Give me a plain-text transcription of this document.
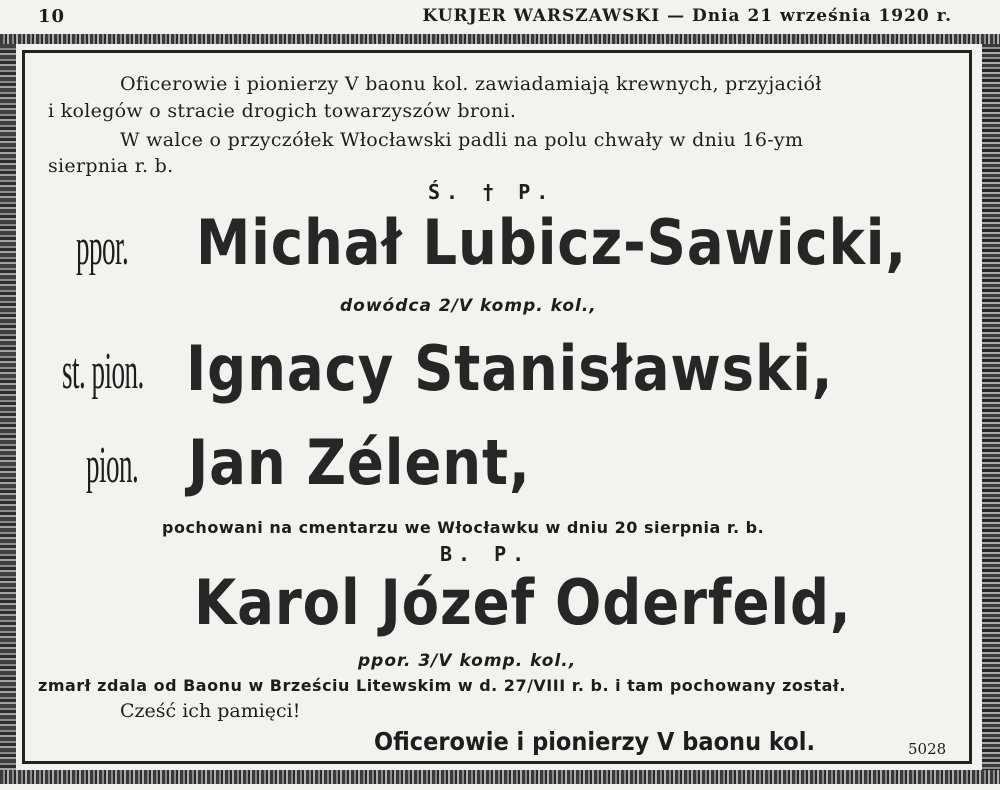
10	KURJER WARSZAWSKI — Dnia 21 września 1920 r.
Oficerowie i pionierzy V baonu kol. zawiadamiają krewnych, przyjaciół
i kolegów o stracie drogich towarzyszów broni.
W walce o przyczółek Włocławski padli na polu chwały w dniu 16-ym
sierpnia r. b.
Ś. † P.
ppor. Michał Lubicz-Sawicki,
dowódca 2/V komp. kol.,
st. pion. Ignacy Stanisławski,
pion. Jan Zélent,
pochowani na cmentarzu we Włocławku w dniu 20 sierpnia r. b.
B. P.
Karol Józef Oderfeld,
ppor. 3/V komp. kol.,
zmarł zdala od Baonu w Brześciu Litewskim w d. 27/VIII r. b. i tam pochowany został.
Cześć ich pamięci!
Oficerowie i pionierzy V baonu kol.	5028
